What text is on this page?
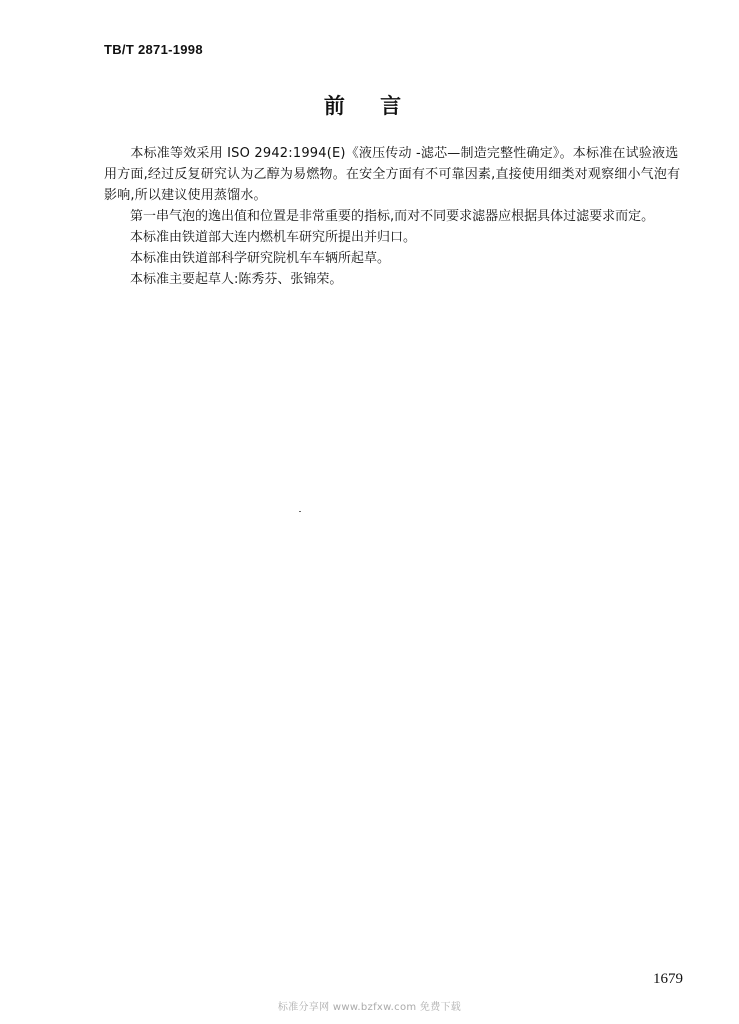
TB/T 2871-1998
前 言

　　本标准等效采用 ISO 2942:1994(E)《液压传动 -滤芯—制造完整性确定》。本标准在试验液选用方面,经过反复研究认为乙醇为易燃物。在安全方面有不可靠因素,直接使用细类对观察细小气泡有影响,所以建议使用蒸馏水。

　　第一串气泡的逸出值和位置是非常重要的指标,而对不同要求滤器应根据具体过滤要求而定。

　　本标准由铁道部大连内燃机车研究所提出并归口。

　　本标准由铁道部科学研究院机车车辆所起草。

　　本标准主要起草人:陈秀芬、张锦荣。

1679
标准分享网 www.bzfxw.com 免费下载
